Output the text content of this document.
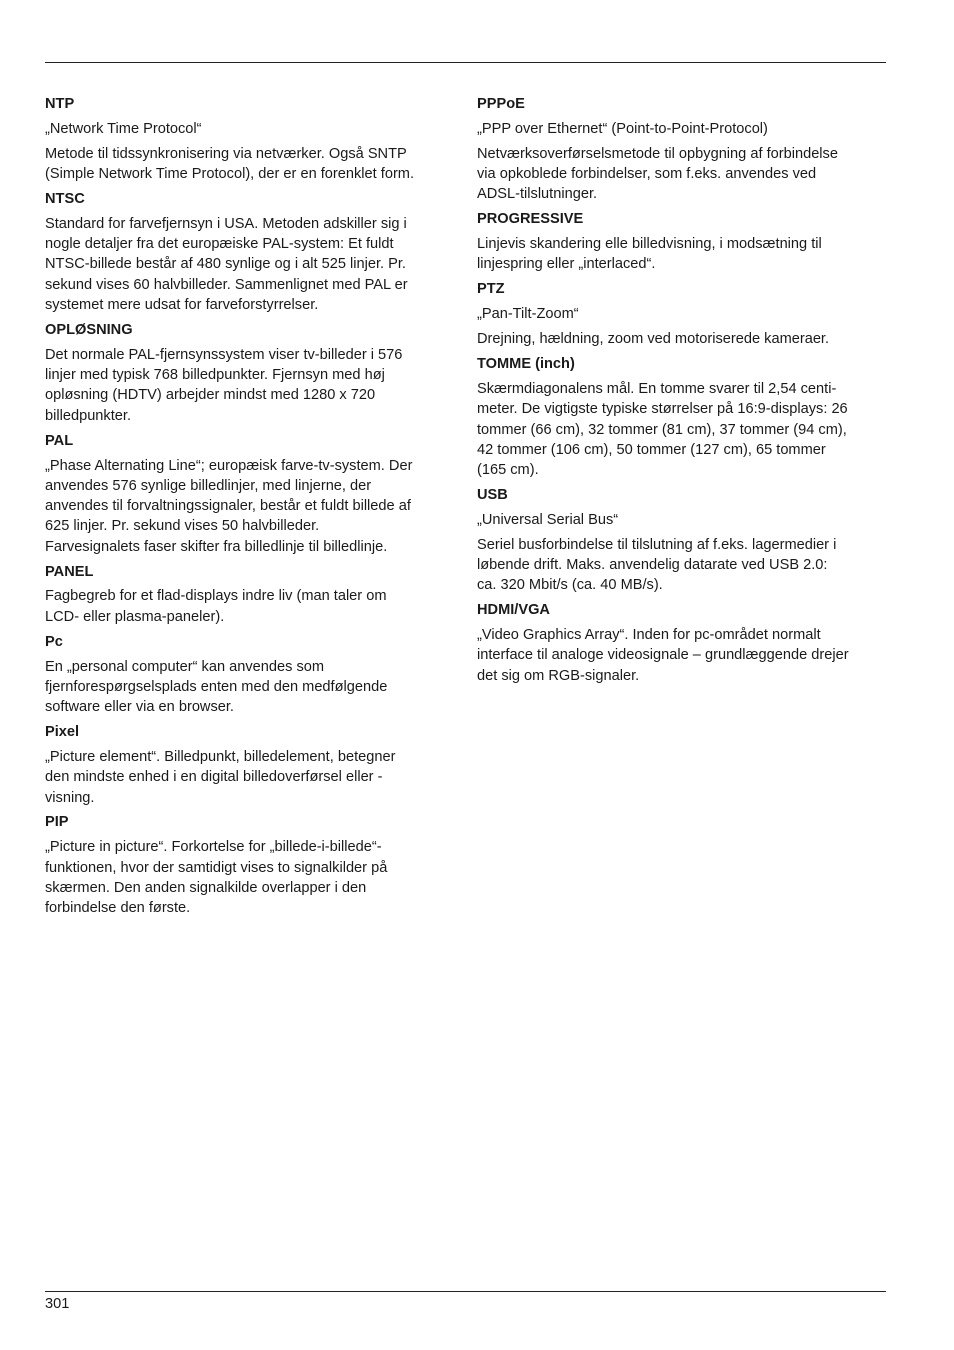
NTP

„Network Time Protocol“

Metode til tidssynkronisering via netværker. Også SNTP
(Simple Network Time Protocol), der er en forenklet form.

NTSC

Standard for farvefjernsyn i USA. Metoden adskiller sig i
nogle detaljer fra det europæiske PAL-system: Et fuldt
NTSC-billede består af 480 synlige og i alt 525 linjer. Pr.
sekund vises 60 halvbilleder. Sammenlignet med PAL er
systemet mere udsat for farveforstyrrelser.

OPLØSNING

Det normale PAL-fjernsynssystem viser tv-billeder i 576
linjer med typisk 768 billedpunkter. Fjernsyn med høj
opløsning (HDTV) arbejder mindst med 1280 x 720
billedpunkter.

PAL

„Phase Alternating Line“; europæisk farve-tv-system. Der
anvendes 576 synlige billedlinjer, med linjerne, der
anvendes til forvaltningssignaler, består et fuldt billede af
625 linjer. Pr. sekund vises 50 halvbilleder.
Farvesignalets faser skifter fra billedlinje til billedlinje.

PANEL

Fagbegreb for et flad-displays indre liv (man taler om
LCD- eller plasma-paneler).

Pc

En „personal computer“ kan anvendes som
fjernforespørgselsplads enten med den medfølgende
software eller via en browser.

Pixel

„Picture element“. Billedpunkt, billedelement, betegner
den mindste enhed i en digital billedoverførsel eller -
visning.

PIP

„Picture in picture“. Forkortelse for „billede-i-billede“-
funktionen, hvor der samtidigt vises to signalkilder på
skærmen. Den anden signalkilde overlapper i den
forbindelse den første.

PPPoE

„PPP over Ethernet“ (Point-to-Point-Protocol)

Netværksoverførselsmetode til opbygning af forbindelse
via opkoblede forbindelser, som f.eks. anvendes ved
ADSL-tilslutninger.

PROGRESSIVE

Linjevis skandering elle billedvisning, i modsætning til
linjespring eller „interlaced“.

PTZ

„Pan-Tilt-Zoom“

Drejning, hældning, zoom ved motoriserede kameraer.

TOMME (inch)

Skærmdiagonalens mål. En tomme svarer til 2,54 centi-
meter. De vigtigste typiske størrelser på 16:9-displays: 26
tommer (66 cm), 32 tommer (81 cm), 37 tommer (94 cm),
42 tommer (106 cm), 50 tommer (127 cm), 65 tommer
(165 cm).

USB

„Universal Serial Bus“

Seriel busforbindelse til tilslutning af f.eks. lagermedier i
løbende drift. Maks. anvendelig datarate ved USB 2.0:
ca. 320 Mbit/s (ca. 40 MB/s).

HDMI/VGA

„Video Graphics Array“. Inden for pc-området normalt
interface til analoge videosignale – grundlæggende drejer
det sig om RGB-signaler.

301
